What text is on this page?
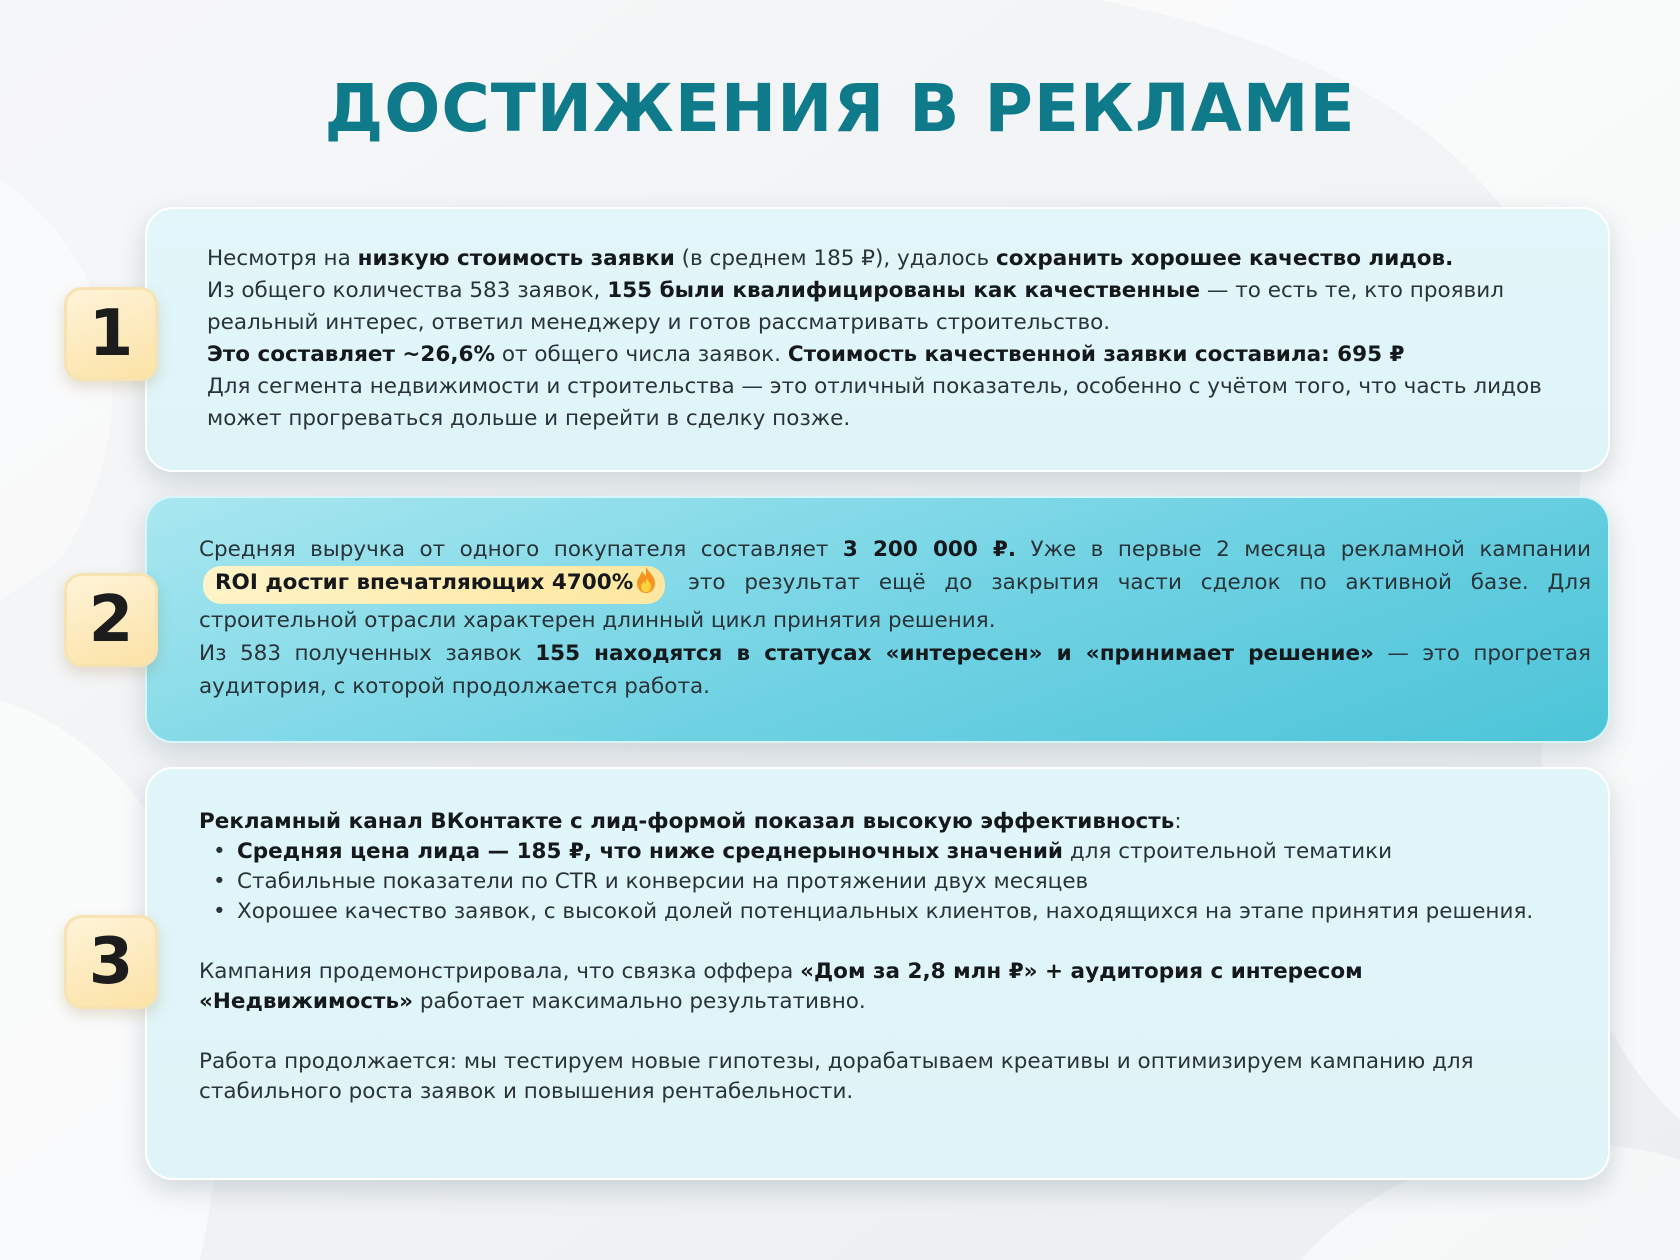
ДОСТИЖЕНИЯ В РЕКЛАМЕ
1
Несмотря на низкую стоимость заявки (в среднем 185 ₽), удалось сохранить хорошее качество лидов.
Из общего количества 583 заявок, 155 были квалифицированы как качественные — то есть те, кто проявил реальный интерес, ответил менеджеру и готов рассматривать строительство.
Это составляет ~26,6% от общего числа заявок. Стоимость качественной заявки составила: 695 ₽
Для сегмента недвижимости и строительства — это отличный показатель, особенно с учётом того, что часть лидов может прогреваться дольше и перейти в сделку позже.
2
Средняя выручка от одного покупателя составляет 3 200 000 ₽. Уже в первые 2 месяца рекламной кампании ROI достиг впечатляющих 4700% это результат ещё до закрытия части сделок по активной базе. Для строительной отрасли характерен длинный цикл принятия решения.
Из 583 полученных заявок 155 находятся в статусах «интересен» и «принимает решение» — это прогретая аудитория, с которой продолжается работа.
3
Рекламный канал ВКонтакте с лид-формой показал высокую эффективность:
• Средняя цена лида — 185 ₽, что ниже среднерыночных значений для строительной тематики
• Стабильные показатели по CTR и конверсии на протяжении двух месяцев
• Хорошее качество заявок, с высокой долей потенциальных клиентов, находящихся на этапе принятия решения.
Кампания продемонстрировала, что связка оффера «Дом за 2,8 млн ₽» + аудитория с интересом «Недвижимость» работает максимально результативно.
Работа продолжается: мы тестируем новые гипотезы, дорабатываем креативы и оптимизируем кампанию для стабильного роста заявок и повышения рентабельности.
